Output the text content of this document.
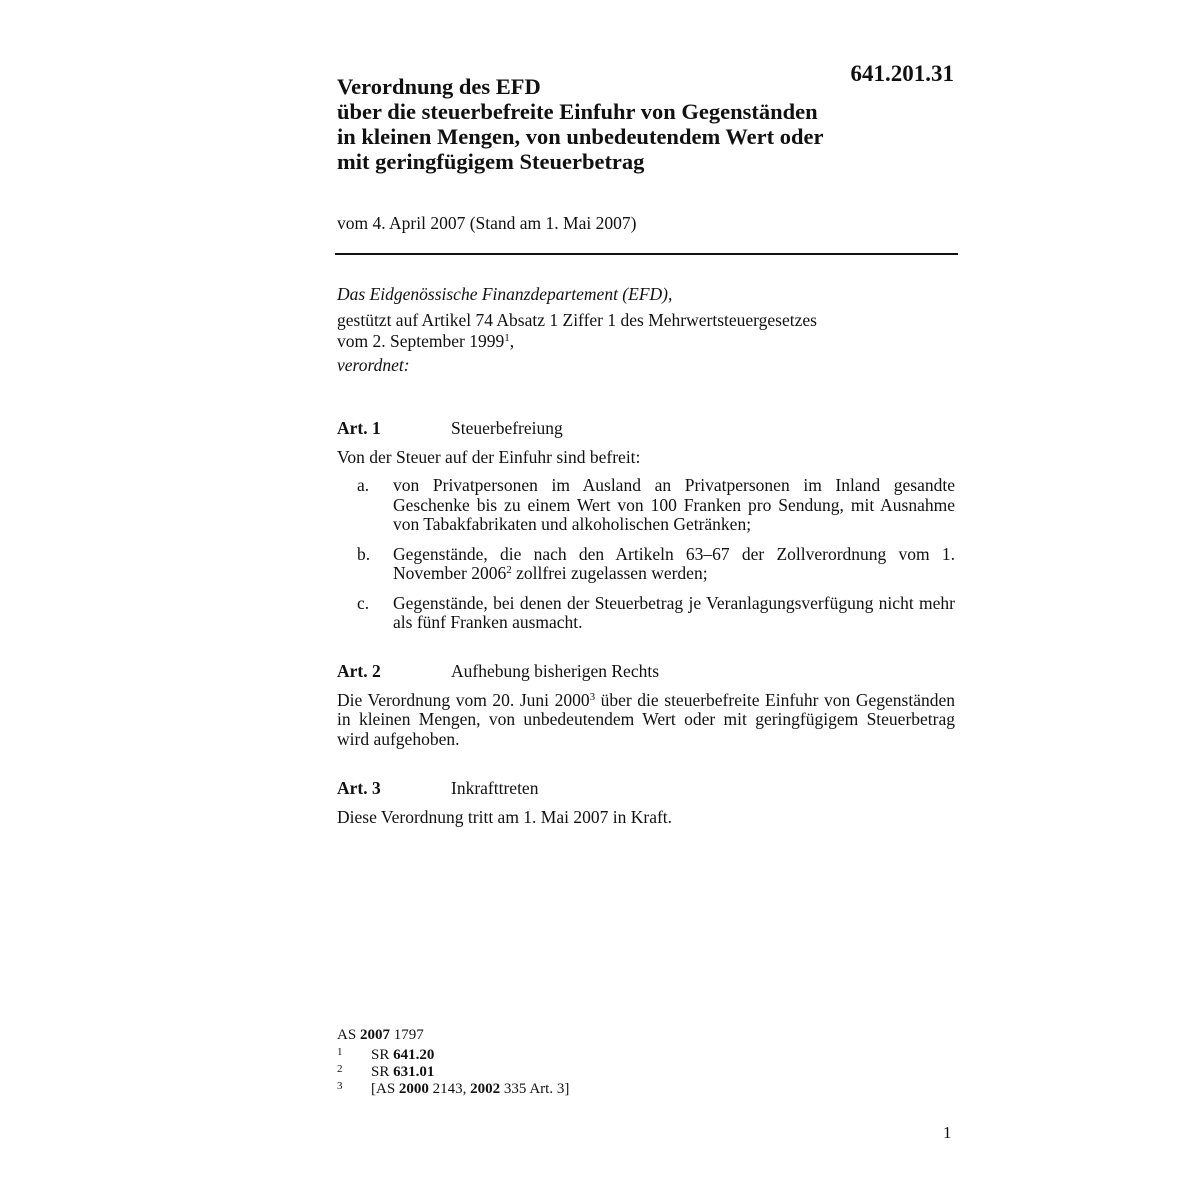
641.201.31
Verordnung des EFD
über die steuerbefreite Einfuhr von Gegenständen
in kleinen Mengen, von unbedeutendem Wert oder
mit geringfügigem Steuerbetrag
vom 4. April 2007 (Stand am 1. Mai 2007)
Das Eidgenössische Finanzdepartement (EFD),
gestützt auf Artikel 74 Absatz 1 Ziffer 1 des Mehrwertsteuergesetzes
vom 2. September 1999$^1$,
verordnet:
Art. 1	Steuerbefreiung
Von der Steuer auf der Einfuhr sind befreit:
a.	von Privatpersonen im Ausland an Privatpersonen im Inland gesandte Geschenke bis zu einem Wert von 100 Franken pro Sendung, mit Ausnahme von Tabakfabrikaten und alkoholischen Getränken;
b.	Gegenstände, die nach den Artikeln 63–67 der Zollverordnung vom 1. November 2006$^2$ zollfrei zugelassen werden;
c.	Gegenstände, bei denen der Steuerbetrag je Veranlagungsverfügung nicht mehr als fünf Franken ausmacht.
Art. 2	Aufhebung bisherigen Rechts
Die Verordnung vom 20. Juni 2000$^3$ über die steuerbefreite Einfuhr von Gegenständen in kleinen Mengen, von unbedeutendem Wert oder mit geringfügigem Steuerbetrag wird aufgehoben.
Art. 3	Inkrafttreten
Diese Verordnung tritt am 1. Mai 2007 in Kraft.
AS 2007 1797
1	SR 641.20
2	SR 631.01
3	[AS 2000 2143, 2002 335 Art. 3]
1
